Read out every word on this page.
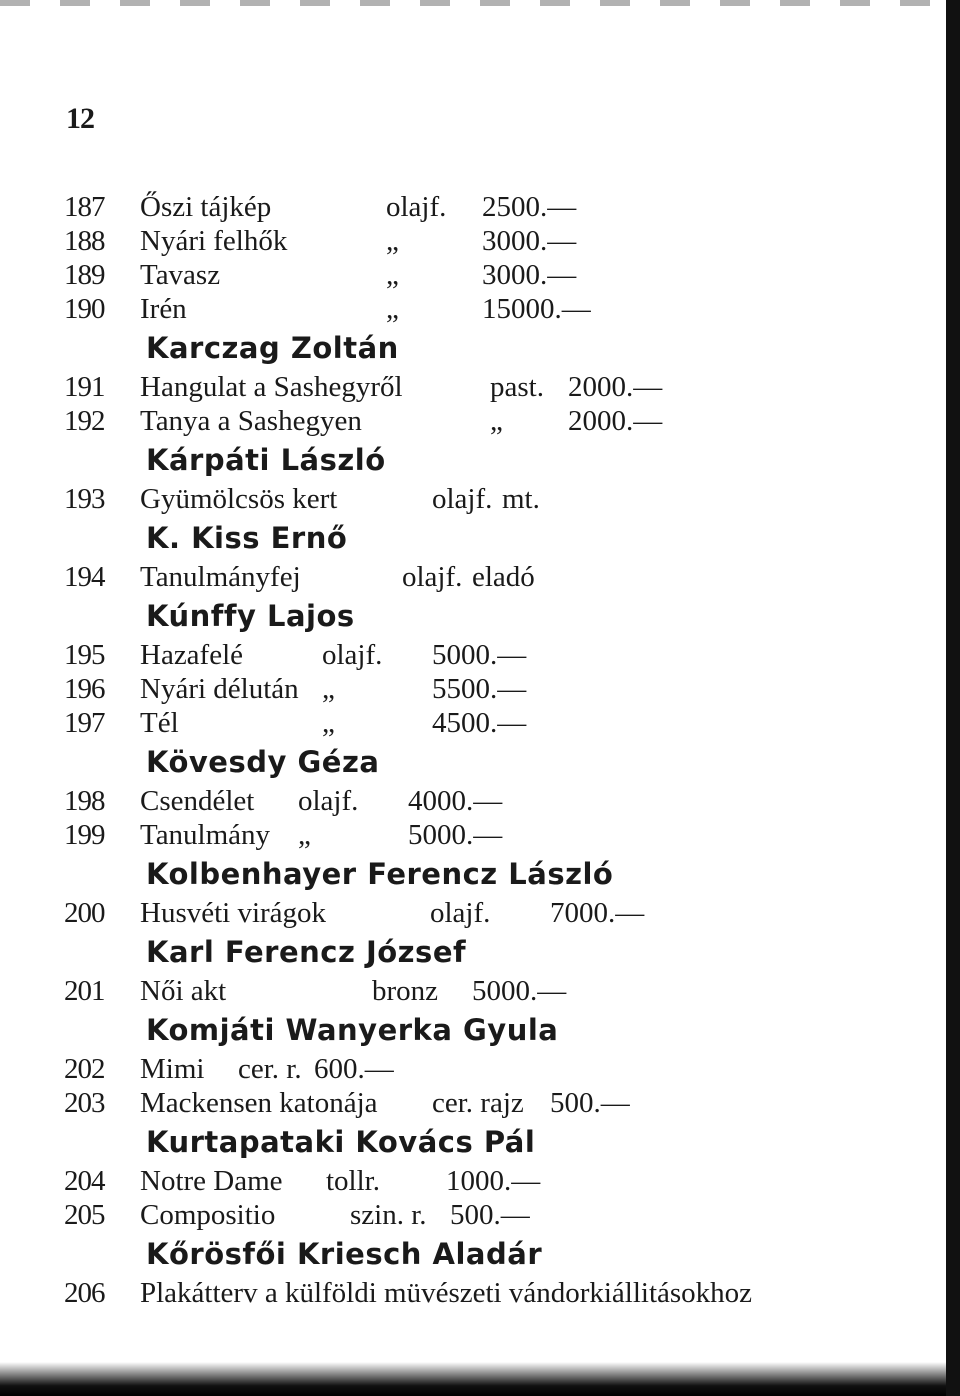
12
187	Őszi tájkép	olajf.	2500.—
188	Nyári felhők	„	3000.—
189	Tavasz	„	3000.—
190	Irén	„	15000.—
Karczag Zoltán
191	Hangulat a Sashegyről	past. 2000.—
192	Tanya a Sashegyen	„	2000.—
Kárpáti László
193	Gyümölcsös kert	olajf. mt.
K. Kiss Ernő
194	Tanulmányfej	olajf. eladó
Kúnffy Lajos
195	Hazafelé	olajf.	5000.—
196	Nyári délután „	5500.—
197	Tél	„	4500.—
Kövesdy Géza
198	Csendélet	olajf.	4000.—
199	Tanulmány „	5000.—
Kolbenhayer Ferencz László
200	Husvéti virágok	olajf.	7000.—
Karl Ferencz József
201	Női akt	bronz	5000.—
Komjáti Wanyerka Gyula
202	Mimi	cer. r. 600.—
203	Mackensen katonája	cer. rajz 500.—
Kurtapataki Kovács Pál
204	Notre Dame	tollr.	1000.—
205	Compositio	szin. r. 500.—
Kőrösfői Kriesch Aladár
206	Plakátterv a külföldi müvészeti vándorkiállitásokhoz
